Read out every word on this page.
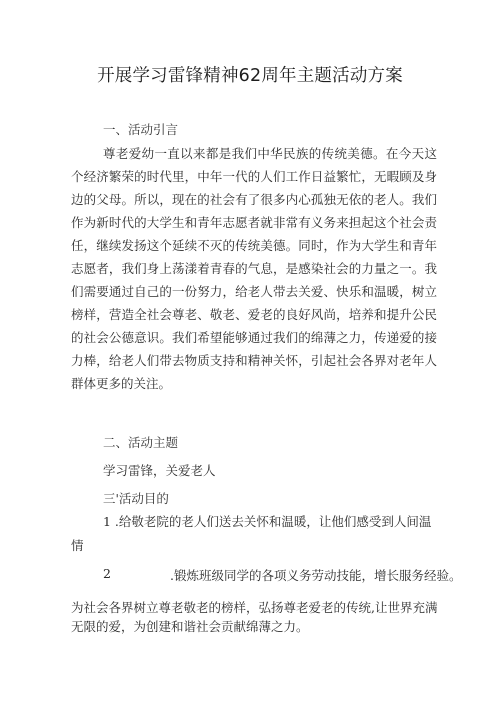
开展学习雷锋精神62周年主题活动方案
一、活动引言

尊老爱幼一直以来都是我们中华民族的传统美德。在今天这个经济繁荣的时代里，中年一代的人们工作日益繁忙，无暇顾及身边的父母。所以，现在的社会有了很多内心孤独无依的老人。我们作为新时代的大学生和青年志愿者就非常有义务来担起这个社会责任，继续发扬这个延续不灭的传统美德。同时，作为大学生和青年志愿者，我们身上荡漾着青春的气息，是感染社会的力量之一。我们需要通过自己的一份努力，给老人带去关爱、快乐和温暖，树立榜样，营造全社会尊老、敬老、爱老的良好风尚，培养和提升公民的社会公德意识。我们希望能够通过我们的绵薄之力，传递爱的接力棒，给老人们带去物质支持和精神关怀，引起社会各界对老年人群体更多的关注。

二、活动主题
学习雷锋，关爱老人
三'活动目的

1 .给敬老院的老人们送去关怀和温暖，让他们感受到人间温情

2	.锻炼班级同学的各项义务劳动技能，增长服务经验。

为社会各界树立尊老敬老的榜样，弘扬尊老爱老的传统,让世界充满无限的爱，为创建和谐社会贡献绵薄之力。
